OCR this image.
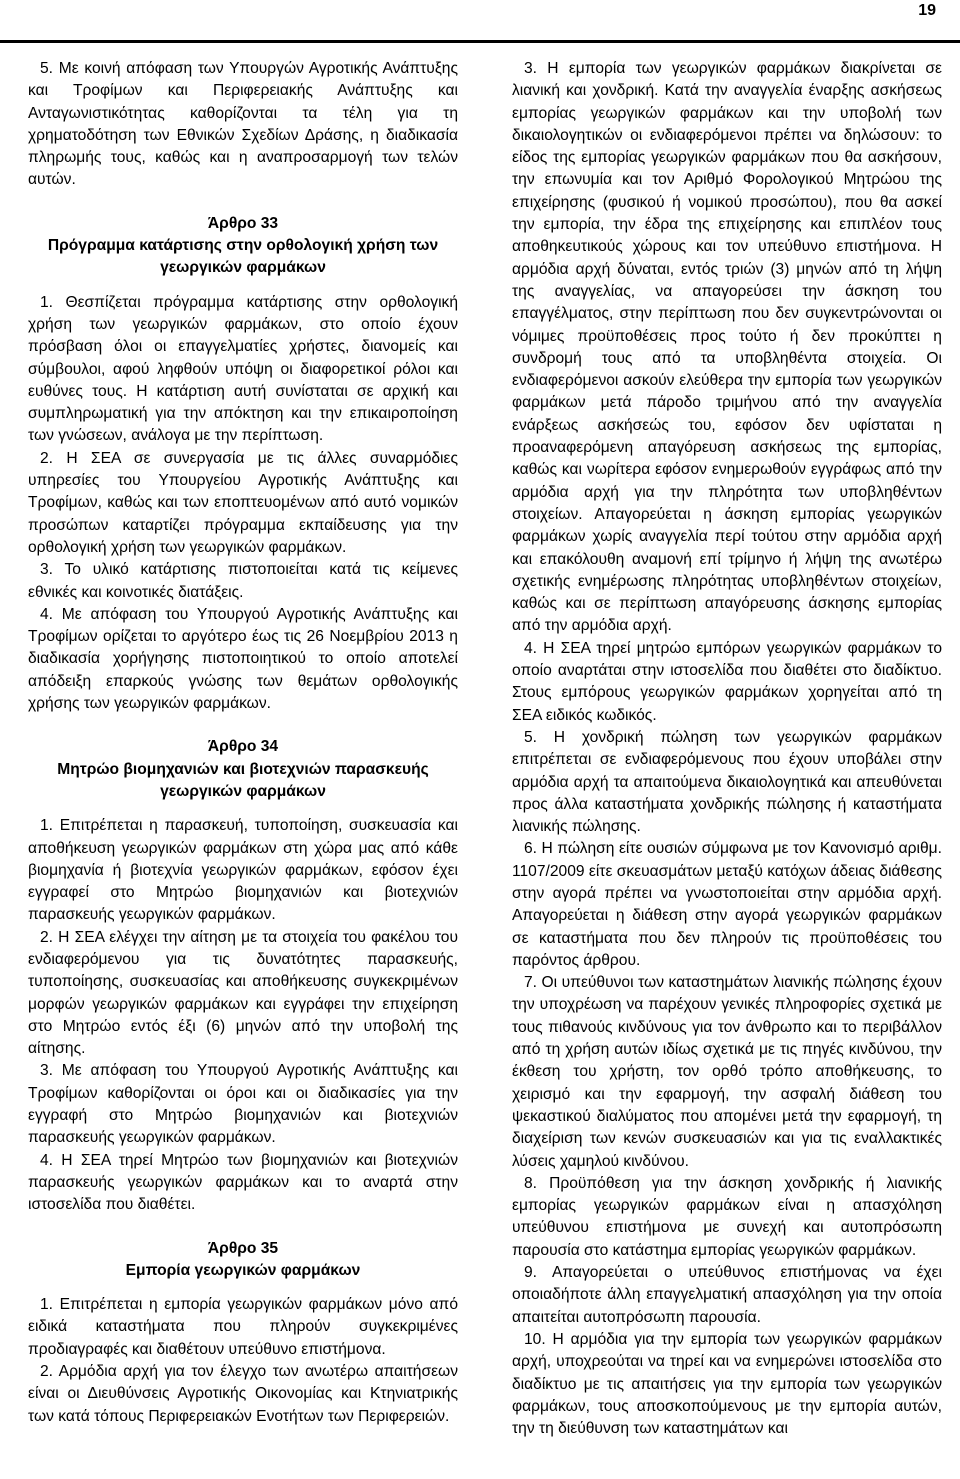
19

5. Με κοινή απόφαση των Υπουργών Αγροτικής Ανάπτυξης και Τροφίμων και Περιφερειακής Ανάπτυξης και Ανταγωνιστικότητας καθορίζονται τα τέλη για τη χρηματοδότηση των Εθνικών Σχεδίων Δράσης, η διαδικασία πληρωμής τους, καθώς και η αναπροσαρμογή των τελών αυτών.

Άρθρο 33

Πρόγραμμα κατάρτισης στην ορθολογική χρήση των γεωργικών φαρμάκων

1. Θεσπίζεται πρόγραμμα κατάρτισης στην ορθολογική χρήση των γεωργικών φαρμάκων, στο οποίο έχουν πρόσβαση όλοι οι επαγγελματίες χρήστες, διανομείς και σύμβουλοι, αφού ληφθούν υπόψη οι διαφορετικοί ρόλοι και ευθύνες τους. Η κατάρτιση αυτή συνίσταται σε αρχική και συμπληρωματική για την απόκτηση και την επικαιροποίηση των γνώσεων, ανάλογα με την περίπτωση.

2. Η ΣΕΑ σε συνεργασία με τις άλλες συναρμόδιες υπηρεσίες του Υπουργείου Αγροτικής Ανάπτυξης και Τροφίμων, καθώς και των εποπτευομένων από αυτό νομικών προσώπων καταρτίζει πρόγραμμα εκπαίδευσης για την ορθολογική χρήση των γεωργικών φαρμάκων.

3. Το υλικό κατάρτισης πιστοποιείται κατά τις κείμενες εθνικές και κοινοτικές διατάξεις.

4. Με απόφαση του Υπουργού Αγροτικής Ανάπτυξης και Τροφίμων ορίζεται το αργότερο έως τις 26 Νοεμβρίου 2013 η διαδικασία χορήγησης πιστοποιητικού το οποίο αποτελεί απόδειξη επαρκούς γνώσης των θεμάτων ορθολογικής χρήσης των γεωργικών φαρμάκων.

Άρθρο 34

Μητρώο βιομηχανιών και βιοτεχνιών παρασκευής γεωργικών φαρμάκων

1. Επιτρέπεται η παρασκευή, τυποποίηση, συσκευασία και αποθήκευση γεωργικών φαρμάκων στη χώρα μας από κάθε βιομηχανία ή βιοτεχνία γεωργικών φαρμάκων, εφόσον έχει εγγραφεί στο Μητρώο βιομηχανιών και βιοτεχνιών παρασκευής γεωργικών φαρμάκων.

2. Η ΣΕΑ ελέγχει την αίτηση με τα στοιχεία του φακέλου του ενδιαφερόμενου για τις δυνατότητες παρασκευής, τυποποίησης, συσκευασίας και αποθήκευσης συγκεκριμένων μορφών γεωργικών φαρμάκων και εγγράφει την επιχείρηση στο Μητρώο εντός έξι (6) μηνών από την υποβολή της αίτησης.

3. Με απόφαση του Υπουργού Αγροτικής Ανάπτυξης και Τροφίμων καθορίζονται οι όροι και οι διαδικασίες για την εγγραφή στο Μητρώο βιομηχανιών και βιοτεχνιών παρασκευής γεωργικών φαρμάκων.

4. Η ΣΕΑ τηρεί Μητρώο των βιομηχανιών και βιοτεχνιών παρασκευής γεωργικών φαρμάκων και το αναρτά στην ιστοσελίδα που διαθέτει.

Άρθρο 35

Εμπορία γεωργικών φαρμάκων

1. Επιτρέπεται η εμπορία γεωργικών φαρμάκων μόνο από ειδικά καταστήματα που πληρούν συγκεκριμένες προδιαγραφές και διαθέτουν υπεύθυνο επιστήμονα.

2. Αρμόδια αρχή για τον έλεγχο των ανωτέρω απαιτήσεων είναι οι Διευθύνσεις Αγροτικής Οικονομίας και Κτηνιατρικής των κατά τόπους Περιφερειακών Ενοτήτων των Περιφερειών.

3. Η εμπορία των γεωργικών φαρμάκων διακρίνεται σε λιανική και χονδρική. Κατά την αναγγελία έναρξης ασκήσεως εμπορίας γεωργικών φαρμάκων και την υποβολή των δικαιολογητικών οι ενδιαφερόμενοι πρέπει να δηλώσουν: το είδος της εμπορίας γεωργικών φαρμάκων που θα ασκήσουν, την επωνυμία και τον Αριθμό Φορολογικού Μητρώου της επιχείρησης (φυσικού ή νομικού προσώπου), που θα ασκεί την εμπορία, την έδρα της επιχείρησης και επιπλέον τους αποθηκευτικούς χώρους και τον υπεύθυνο επιστήμονα. Η αρμόδια αρχή δύναται, εντός τριών (3) μηνών από τη λήψη της αναγγελίας, να απαγορεύσει την άσκηση του επαγγέλματος, στην περίπτωση που δεν συγκεντρώνονται οι νόμιμες προϋποθέσεις προς τούτο ή δεν προκύπτει η συνδρομή τους από τα υποβληθέντα στοιχεία. Οι ενδιαφερόμενοι ασκούν ελεύθερα την εμπορία των γεωργικών φαρμάκων μετά πάροδο τριμήνου από την αναγγελία ενάρξεως ασκήσεώς του, εφόσον δεν υφίσταται η προαναφερόμενη απαγόρευση ασκήσεως της εμπορίας, καθώς και νωρίτερα εφόσον ενημερωθούν εγγράφως από την αρμόδια αρχή για την πληρότητα των υποβληθέντων στοιχείων. Απαγορεύεται η άσκηση εμπορίας γεωργικών φαρμάκων χωρίς αναγγελία περί τούτου στην αρμόδια αρχή και επακόλουθη αναμονή επί τρίμηνο ή λήψη της ανωτέρω σχετικής ενημέρωσης πληρότητας υποβληθέντων στοιχείων, καθώς και σε περίπτωση απαγόρευσης άσκησης εμπορίας από την αρμόδια αρχή.

4. Η ΣΕΑ τηρεί μητρώο εμπόρων γεωργικών φαρμάκων το οποίο αναρτάται στην ιστοσελίδα που διαθέτει στο διαδίκτυο. Στους εμπόρους γεωργικών φαρμάκων χορηγείται από τη ΣΕΑ ειδικός κωδικός.

5. Η χονδρική πώληση των γεωργικών φαρμάκων επιτρέπεται σε ενδιαφερόμενους που έχουν υποβάλει στην αρμόδια αρχή τα απαιτούμενα δικαιολογητικά και απευθύνεται προς άλλα καταστήματα χονδρικής πώλησης ή καταστήματα λιανικής πώλησης.

6. Η πώληση είτε ουσιών σύμφωνα με τον Κανονισμό αριθμ. 1107/2009 είτε σκευασμάτων μεταξύ κατόχων άδειας διάθεσης στην αγορά πρέπει να γνωστοποιείται στην αρμόδια αρχή. Απαγορεύεται η διάθεση στην αγορά γεωργικών φαρμάκων σε καταστήματα που δεν πληρούν τις προϋποθέσεις του παρόντος άρθρου.

7. Οι υπεύθυνοι των καταστημάτων λιανικής πώλησης έχουν την υποχρέωση να παρέχουν γενικές πληροφορίες σχετικά με τους πιθανούς κινδύνους για τον άνθρωπο και το περιβάλλον από τη χρήση αυτών ιδίως σχετικά με τις πηγές κινδύνου, την έκθεση του χρήστη, τον ορθό τρόπο αποθήκευσης, το χειρισμό και την εφαρμογή, την ασφαλή διάθεση του ψεκαστικού διαλύματος που απομένει μετά την εφαρμογή, τη διαχείριση των κενών συσκευασιών και για τις εναλλακτικές λύσεις χαμηλού κινδύνου.

8. Προϋπόθεση για την άσκηση χονδρικής ή λιανικής εμπορίας γεωργικών φαρμάκων είναι η απασχόληση υπεύθυνου επιστήμονα με συνεχή και αυτοπρόσωπη παρουσία στο κατάστημα εμπορίας γεωργικών φαρμάκων.

9. Απαγορεύεται ο υπεύθυνος επιστήμονας να έχει οποιαδήποτε άλλη επαγγελματική απασχόληση για την οποία απαιτείται αυτοπρόσωπη παρουσία.

10. Η αρμόδια για την εμπορία των γεωργικών φαρμάκων αρχή, υποχρεούται να τηρεί και να ενημερώνει ιστοσελίδα στο διαδίκτυο με τις απαιτήσεις για την εμπορία των γεωργικών φαρμάκων, τους αποσκοπούμενους με την εμπορία αυτών, την τη διεύθυνση των καταστημάτων και
